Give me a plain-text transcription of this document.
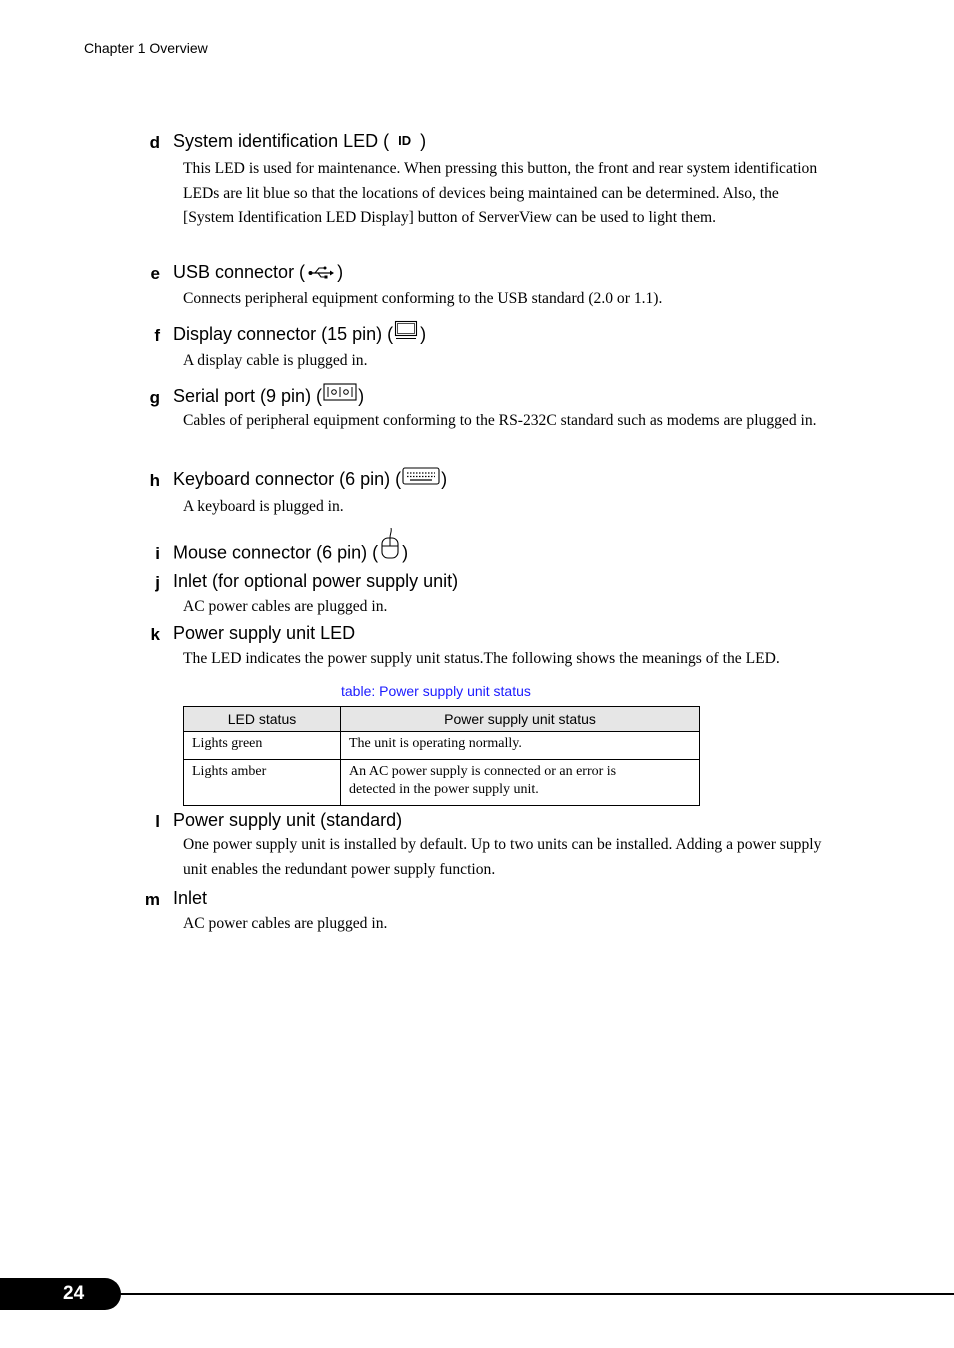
Chapter 1 Overview
d System identification LED ( ID )
This LED is used for maintenance. When pressing this button, the front and rear system identification LEDs are lit blue so that the locations of devices being maintained can be determined. Also, the [System Identification LED Display] button of ServerView can be used to light them.
e USB connector ( )
Connects peripheral equipment conforming to the USB standard (2.0 or 1.1).
f Display connector (15 pin) ( )
A display cable is plugged in.
g Serial port (9 pin) ( )
Cables of peripheral equipment conforming to the RS-232C standard such as modems are plugged in.
h Keyboard connector (6 pin) ( )
A keyboard is plugged in.
i Mouse connector (6 pin) ( )
j Inlet (for optional power supply unit)
AC power cables are plugged in.
k Power supply unit LED
The LED indicates the power supply unit status.The following shows the meanings of the LED.
table: Power supply unit status
LED status	Power supply unit status
Lights green	The unit is operating normally.
Lights amber	An AC power supply is connected or an error is detected in the power supply unit.
l Power supply unit (standard)
One power supply unit is installed by default. Up to two units can be installed. Adding a power supply unit enables the redundant power supply function.
m Inlet
AC power cables are plugged in.
24
